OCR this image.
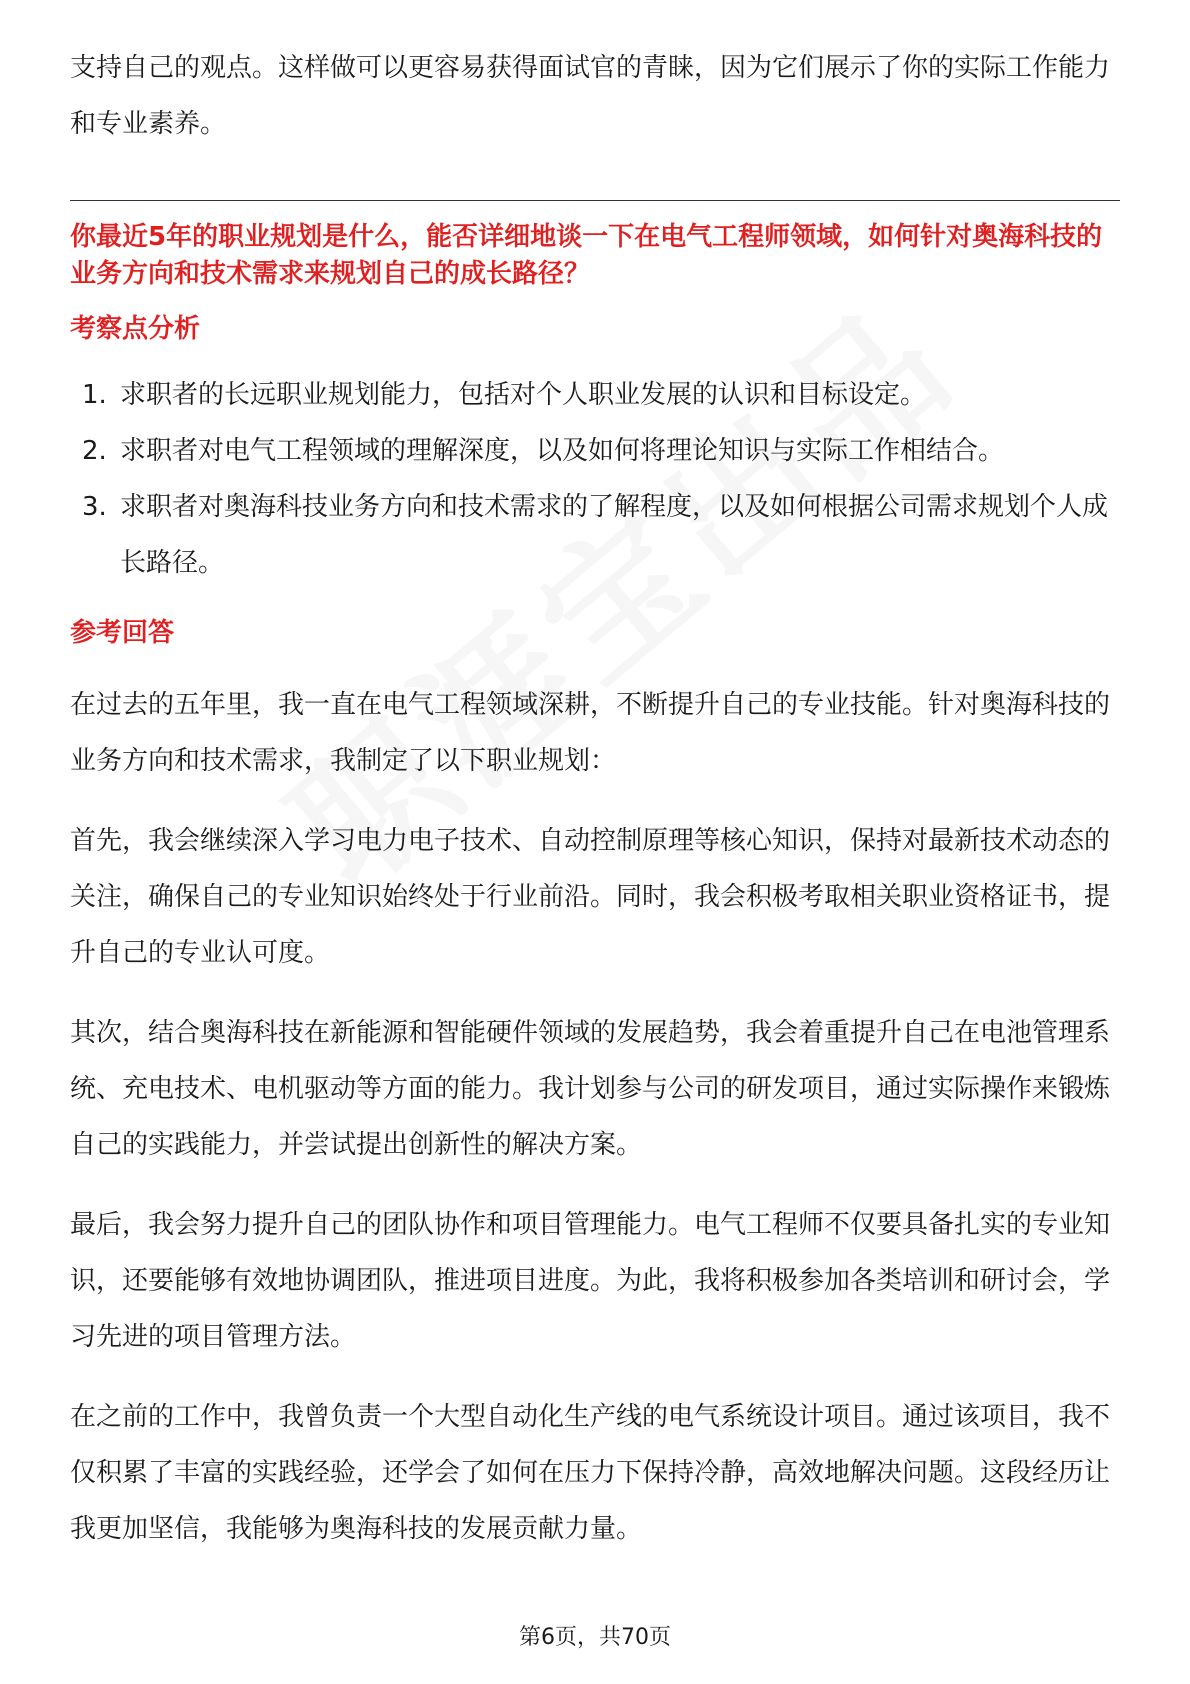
支持自己的观点。这样做可以更容易获得面试官的青睐，因为它们展示了你的实际工作能力和专业素养。

你最近5年的职业规划是什么，能否详细地谈一下在电气工程师领域，如何针对奥海科技的业务方向和技术需求来规划自己的成长路径？

考察点分析
1. 求职者的长远职业规划能力，包括对个人职业发展的认识和目标设定。
2. 求职者对电气工程领域的理解深度，以及如何将理论知识与实际工作相结合。
3. 求职者对奥海科技业务方向和技术需求的了解程度，以及如何根据公司需求规划个人成长路径。
参考回答

在过去的五年里，我一直在电气工程领域深耕，不断提升自己的专业技能。针对奥海科技的业务方向和技术需求，我制定了以下职业规划：

首先，我会继续深入学习电力电子技术、自动控制原理等核心知识，保持对最新技术动态的关注，确保自己的专业知识始终处于行业前沿。同时，我会积极考取相关职业资格证书，提升自己的专业认可度。

其次，结合奥海科技在新能源和智能硬件领域的发展趋势，我会着重提升自己在电池管理系统、充电技术、电机驱动等方面的能力。我计划参与公司的研发项目，通过实际操作来锻炼自己的实践能力，并尝试提出创新性的解决方案。

最后，我会努力提升自己的团队协作和项目管理能力。电气工程师不仅要具备扎实的专业知识，还要能够有效地协调团队，推进项目进度。为此，我将积极参加各类培训和研讨会，学习先进的项目管理方法。

在之前的工作中，我曾负责一个大型自动化生产线的电气系统设计项目。通过该项目，我不仅积累了丰富的实践经验，还学会了如何在压力下保持冷静，高效地解决问题。这段经历让我更加坚信，我能够为奥海科技的发展贡献力量。

第6页，共70页
